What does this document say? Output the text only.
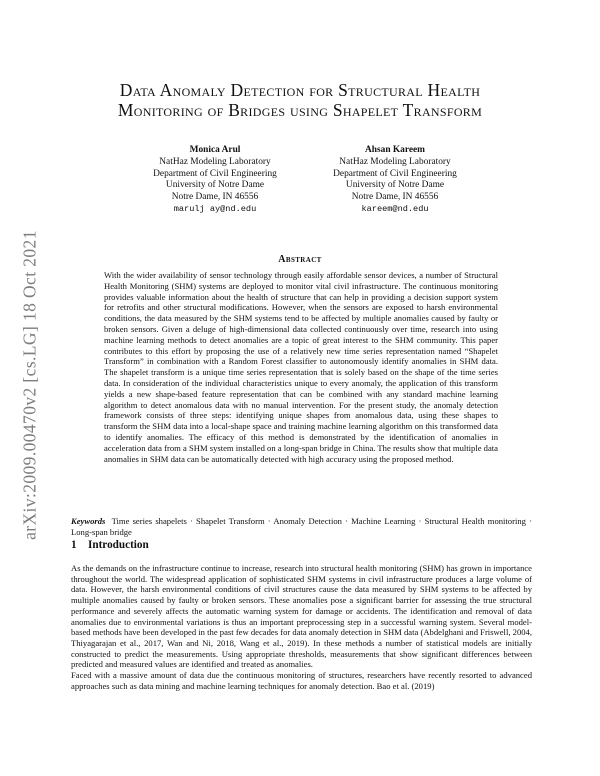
arXiv:2009.00470v2 [cs.LG] 18 Oct 2021
Data Anomaly Detection for Structural Health
Monitoring of Bridges using Shapelet Transform
Monica Arul
NatHaz Modeling Laboratory
Department of Civil Engineering
University of Notre Dame
Notre Dame, IN 46556
marulj ay@nd.edu
Ahsan Kareem
NatHaz Modeling Laboratory
Department of Civil Engineering
University of Notre Dame
Notre Dame, IN 46556
kareem@nd.edu
Abstract

With the wider availability of sensor technology through easily affordable sensor devices, a number of Structural Health Monitoring (SHM) systems are deployed to monitor vital civil infrastructure. The continuous monitoring provides valuable information about the health of structure that can help in providing a decision support system for retrofits and other structural modifications. However, when the sensors are exposed to harsh environmental conditions, the data measured by the SHM systems tend to be affected by multiple anomalies caused by faulty or broken sensors. Given a deluge of high-dimensional data collected continuously over time, research into using machine learning methods to detect anomalies are a topic of great interest to the SHM community. This paper contributes to this effort by proposing the use of a relatively new time series representation named “Shapelet Transform” in combination with a Random Forest classifier to autonomously identify anomalies in SHM data. The shapelet transform is a unique time series representation that is solely based on the shape of the time series data. In consideration of the individual characteristics unique to every anomaly, the application of this transform yields a new shape-based feature representation that can be combined with any standard machine learning algorithm to detect anomalous data with no manual intervention. For the present study, the anomaly detection framework consists of three steps: identifying unique shapes from anomalous data, using these shapes to transform the SHM data into a local-shape space and training machine learning algorithm on this transformed data to identify anomalies. The efficacy of this method is demonstrated by the identification of anomalies in acceleration data from a SHM system installed on a long-span bridge in China. The results show that multiple data anomalies in SHM data can be automatically detected with high accuracy using the proposed method.

Keywords Time series shapelets · Shapelet Transform · Anomaly Detection · Machine Learning · Structural Health monitoring · Long-span bridge
1 Introduction

As the demands on the infrastructure continue to increase, research into structural health monitoring (SHM) has grown in importance throughout the world. The widespread application of sophisticated SHM systems in civil infrastructure produces a large volume of data. However, the harsh environmental conditions of civil structures cause the data measured by SHM systems to be affected by multiple anomalies caused by faulty or broken sensors. These anomalies pose a significant barrier for assessing the true structural performance and severely affects the automatic warning system for damage or accidents. The identification and removal of data anomalies due to environmental variations is thus an important preprocessing step in a successful warning system. Several model-based methods have been developed in the past few decades for data anomaly detection in SHM data (Abdelghani and Friswell, 2004, Thiyagarajan et al., 2017, Wan and Ni, 2018, Wang et al., 2019). In these methods a number of statistical models are initially constructed to predict the measurements. Using appropriate thresholds, measurements that show significant differences between predicted and measured values are identified and treated as anomalies.

Faced with a massive amount of data due the continuous monitoring of structures, researchers have recently resorted to advanced approaches such as data mining and machine learning techniques for anomaly detection. Bao et al. (2019)
